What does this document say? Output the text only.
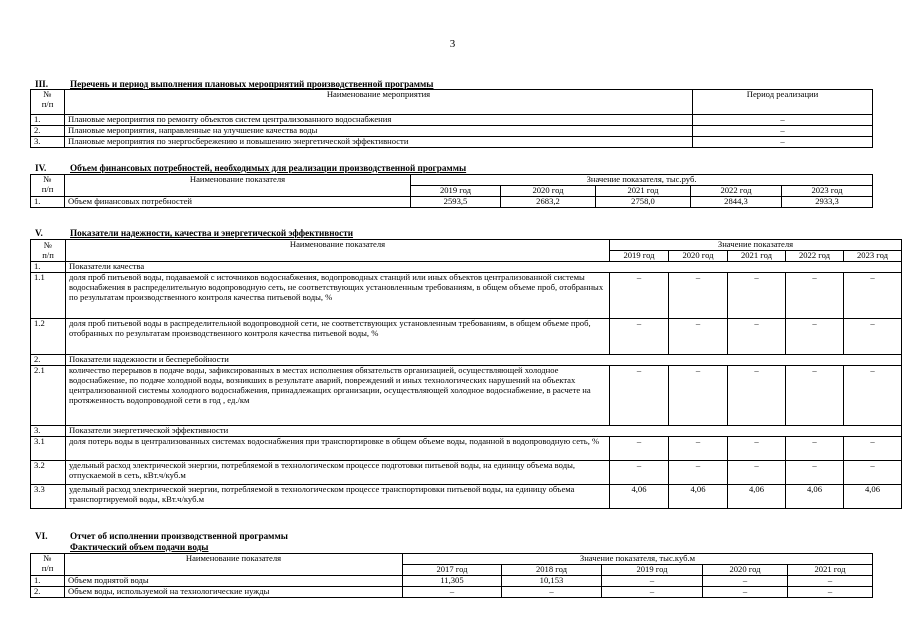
3
III. Перечень и период выполнения плановых мероприятий производственной программы
№
п/п	Наименование мероприятия	Период реализации
1.	Плановые мероприятия по ремонту объектов систем централизованного водоснабжения	–
2.	Плановые мероприятия, направленные на улучшение качества воды	–
3.	Плановые мероприятия по энергосбережению и повышению энергетической эффективности	–
IV.	Объем финансовых потребностей, необходимых для реализации производственной программы
№
п/п	Наименование показателя	Значение показателя, тыс.руб.				
		2019 год	2020 год	2021 год	2022 год	2023 год
1.	Объем финансовых потребностей	2593,5	2683,2	2758,0	2844,3	2933,3
V.	Показатели надежности, качества и энергетической эффективности
№
п/п	Наименование показателя	Значение показателя				
		2019 год	2020 год	2021 год	2022 год	2023 год
1.	Показатели качества					
1.1	доля проб питьевой воды, подаваемой с источников водоснабжения, водопроводных станций или иных объектов централизованной системы водоснабжения в распределительную водопроводную сеть, не соответствующих установленным требованиям, в общем объеме проб, отобранных по результатам производственного контроля качества питьевой воды, %	–	–	–	–	–
1.2	доля проб питьевой воды в распределительной водопроводной сети, не соответствующих установленным требованиям, в общем объеме проб, отобранных по результатам производственного контроля качества питьевой воды, %	–	–	–	–	–
2.	Показатели надежности и бесперебойности					
2.1	количество перерывов в подаче воды, зафиксированных в местах исполнения обязательств организацией, осуществляющей холодное водоснабжение, по подаче холодной воды, возникших в результате аварий, повреждений и иных технологических нарушений на объектах централизованной системы холодного водоснабжения, принадлежащих организации, осуществляющей холодное водоснабжение, в расчете на протяженность водопроводной сети в год , ед./км	–	–	–	–	–
3.	Показатели энергетической эффективности					
3.1	доля потерь воды в централизованных системах водоснабжения при транспортировке в общем объеме воды, поданной в водопроводную сеть, %	–	–	–	–	–
3.2	удельный расход электрической энергии, потребляемой в технологическом процессе подготовки питьевой воды, на единицу объема воды, отпускаемой в сеть, кВт.ч/куб.м	–	–	–	–	–
3.3	удельный расход электрической энергии, потребляемой в технологическом процессе транспортировки питьевой воды, на единицу объема транспортируемой воды, кВт.ч/куб.м	4,06	4,06	4,06	4,06	4,06
VI. Отчет об исполнении производственной программы
Фактический объем подачи воды
№
п/п	Наименование показателя	Значение показателя, тыс.куб.м				
		2017 год	2018 год	2019 год	2020 год	2021 год
1.	Объем поднятой воды	11,305	10,153	–	–	–
2.	Объем воды, используемой на технологические нужды	–	–	–	–	–
